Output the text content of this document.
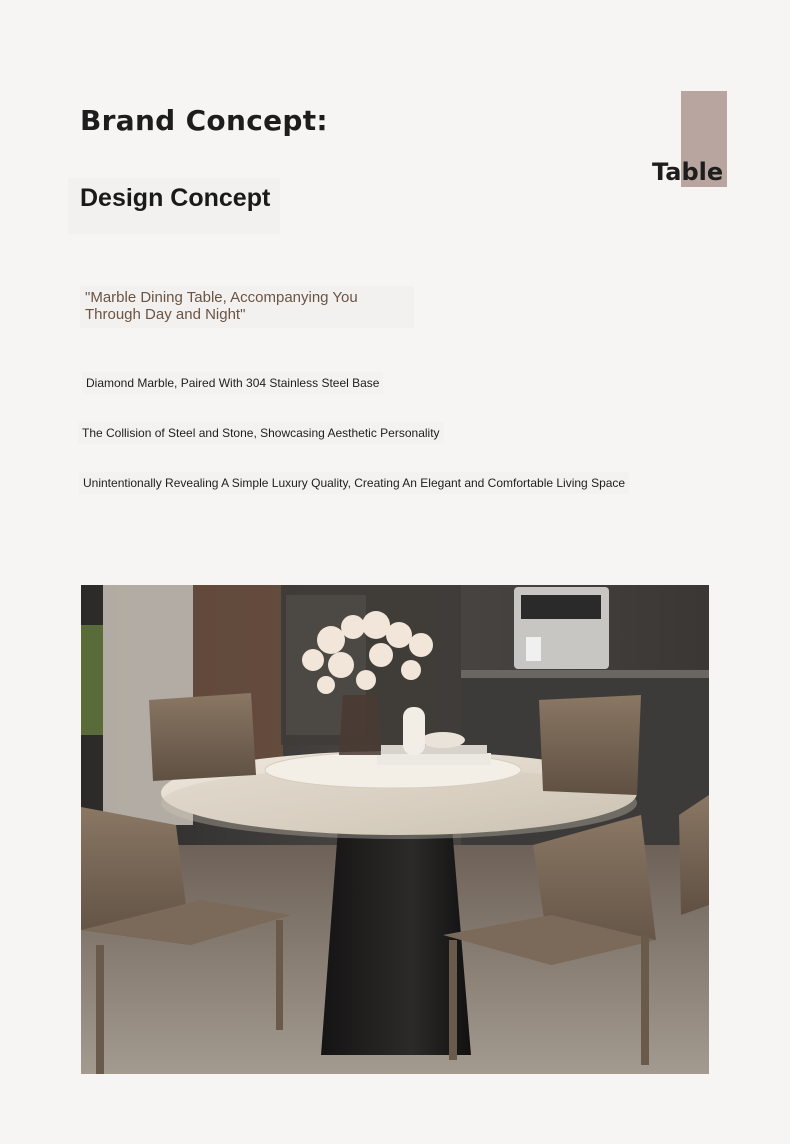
Brand Concept:
Table
Design Concept

"Marble Dining Table, Accompanying You Through Day and Night"

Diamond Marble, Paired With 304 Stainless Steel Base

The Collision of Steel and Stone, Showcasing Aesthetic Personality

Unintentionally Revealing A Simple Luxury Quality, Creating An Elegant and Comfortable Living Space
